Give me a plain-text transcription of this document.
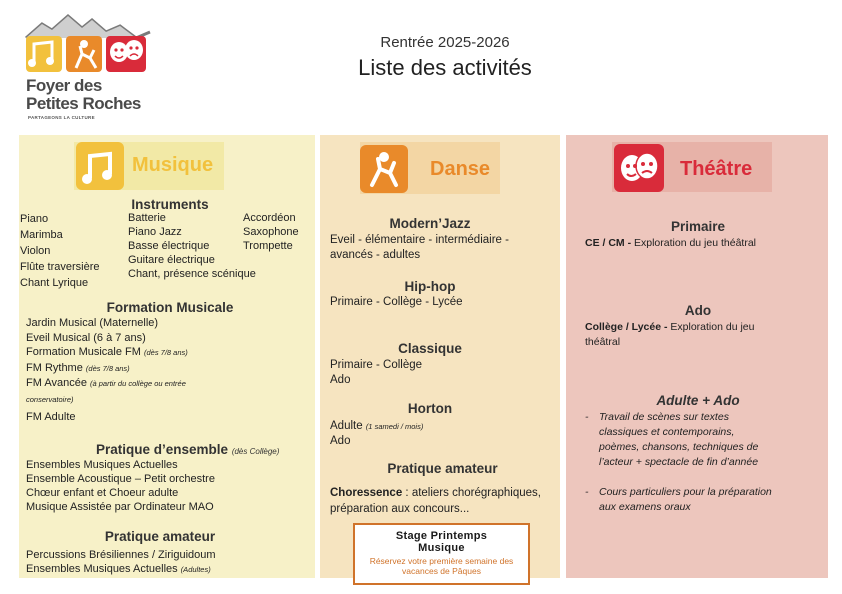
Foyer des
Petites Roches
PARTAGEONS LA CULTURE
Rentrée 2025-2026
Liste des activités
Musique
Instruments
Piano
Marimba
Violon
Flûte traversière
Chant Lyrique
Batterie
Piano Jazz
Basse électrique
Guitare électrique
Chant, présence scénique
Accordéon
Saxophone
Trompette
Formation Musicale
Jardin Musical (Maternelle)
Eveil Musical (6 à 7 ans)
Formation Musicale FM (dès 7/8 ans)
FM Rythme (dès 7/8 ans)
FM Avancée (à partir du collège ou entrée
conservatoire)
FM Adulte
Pratique d’ensemble (dès Collège)
Ensembles Musiques Actuelles
Ensemble Acoustique – Petit orchestre
Chœur enfant et Choeur adulte
Musique Assistée par Ordinateur MAO
Pratique amateur
Percussions Brésiliennes / Ziriguidoum
Ensembles Musiques Actuelles (Adultes)
Danse
Modern’Jazz
Eveil - élémentaire - intermédiaire -
avancés - adultes
Hip-hop
Primaire - Collège - Lycée
Classique
Primaire - Collège
Ado
Horton
Adulte (1 samedi / mois)
Ado
Pratique amateur
Choressence : ateliers chorégraphiques,
préparation aux concours...
Stage Printemps
Musique
Réservez votre première semaine des
vacances de Pâques
Théâtre
Primaire
CE / CM - Exploration du jeu théâtral
Ado
Collège / Lycée - Exploration du jeu
théâtral
Adulte + Ado
- Travail de scènes sur textes
classiques et contemporains,
poèmes, chansons, techniques de
l’acteur + spectacle de fin d’année
- Cours particuliers pour la préparation
aux examens oraux
